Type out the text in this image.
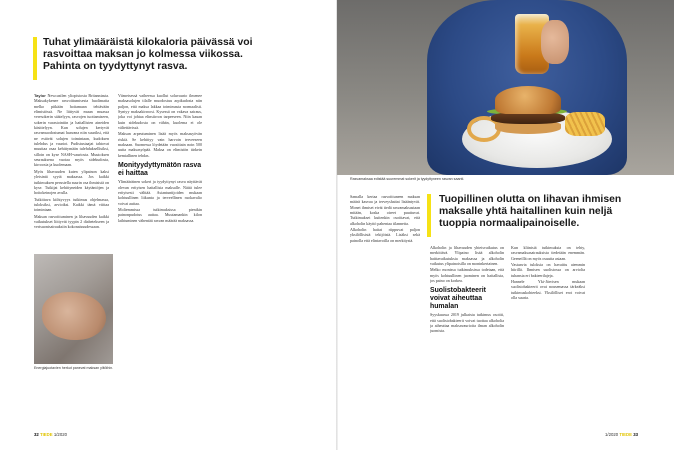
Tuhat ylimääräistä kilokaloria päivässä voi rasvoittaa maksan jo kolmessa viikossa. Pahinta on tyydyttynyt rasva.

Taylor Newcastlen yliopistosta Britanniasta. Maksakykenee rasvoittumisesta huolimatta melko pitkään hoitamaan tehtävään elimistössä. Ne liittyvät muun muassa veresokerin säätelyyn, rasvojen tuottamiseen, sokerin varastointiin ja haitallisten aineiden käsittelyyn. Kun solujen kertyvät rasvamuodostumat haavana niin suuriksi, että ne estävät solujen toimintaan, kudoksen tulehdus ja vauriot. Pudistustaajat tahtovat muuttaa osaa kehittymään tulehduksellisiksi, silloin on kyse NASH-vauriosta. Muutoksen seurauksena vuotaa myös sidekudosta, kirroosia ja kuolemaan.

Myös lihavuuden kuten ylipainon kaksi yleisintä syytä maksassa. Jos kaikki tutkimuksen perustella suurin osa ihmisistä on kyse. Tutkijat kehittyneiden käytäntöjen ja hoitokeinojen avulla.

Tutkittava kiihtyvyys tutkimus ohjelmassa, tuloksiksi, arvioiksi. Kaikki tämä viittaa toimintaan.

Maksan rasvoittuminen ja lihavuuden kaikki vaikutukset liittyvät tyypin 2 diabetekseen ja verisuonisairauksiin kokonaisuudessaan.

Energiajuotavien herkut panevat maksan ylitöihin.

Viimeisessä vaiheessa kuollut soluvaurio ilmenee maksasolujen tilalle muodostuu arpikudosta niin paljon, että maksa lakkaa toimimasta normaalisti. Syntyy maksakirroosi. Kysessä on vakava sairaus, joka voi johtaa elinsiirron tarpeeseen. Niin kauan kuin sidekudosta on vähän, kuolema ei ole vältettävissä.

Maksan arpeutuminen lisää myös maksasyövän riskiä. Se kehittyy vain harvoin terveeseen maksaan. Suomessa löydetään vuosittain noin 500 uutta maksasyöpää. Maksa on elimistön tärkein kemiallinen tehdas.

Monityydyttymätön rasva ei haittaa

Ylimääräinen sokeri ja tyydyttynyt rasva näyttävät olevan erityisen haitallisia maksalle. Näitä tulee erityisesti välttää. Asiantuntijoiden mukaan kohtuullinen liikunta ja terveellinen ruokavalio voivat auttaa.

Moliemmissa tutkimuksissa pienikin painonpudotus auttaa. Muutamankin kilon laihtuminen vähentää rasvan määrää maksassa.

32 TIEDE 1/2020
Rasvamaksaa edistää suuremmat sokerit ja tyydyttyneen rasvan saanti.
Tuopillinen olutta on lihavan ihmisen maksalle yhtä haitallinen kuin neljä tuoppia normaalipainoiselle.

Samalla kertaa rasvoittuneen maksan määrä kasvaa ja terveyshaitat lisääntyvät. Monet ihmiset eivät tiedä rasvamaksastaan mitään, koska oireet puuttuvat. Tutkimukset kuitenkin osoittavat, että alkoholin käyttö pahentaa tilannetta.

Alkoholin haitat riippuvat paljon yksilöllisistä tekijöistä. Lisäksi sekä painolla että elintavoilla on merkitystä.

Alkoholin ja lihavuuden yhteisvaikutus on merkittävä. Ylipaino lisää alkoholin haittavaikutuksia maksassa ja alkoholin vaikutus ylipainoisilla on moninkertainen.

Melko monissa tutkimuksissa todetaan, että myös kohtuullinen juominen on haitallista, jos paino on korkea.

Suolistobakteerit voivat aiheuttaa humalan

Syyskuussa 2019 julkaistu tutkimus osoitti, että suolistobakteerit voivat tuottaa alkoholia ja aiheuttaa maksavaurioita ilman alkoholin juomista.

Kun kliinisiä tutkimuksia on tehty, rasvamaksasairauksista tiedetään enemmän. Geeneillä on myös osuutta asiaan.

Vastaavia tuloksia on havaittu aiemmin hiirillä. Ihmisen suolistossa on arviolta tuhansia eri bakteerilajeja.

Hannele Yki-Järvisen mukaan suolistobakteerit ovat nousemassa tärkeäksi tutkimuskohteeksi. Yksilölliset erot voivat olla suuria.

1/2020 TIEDE 33
